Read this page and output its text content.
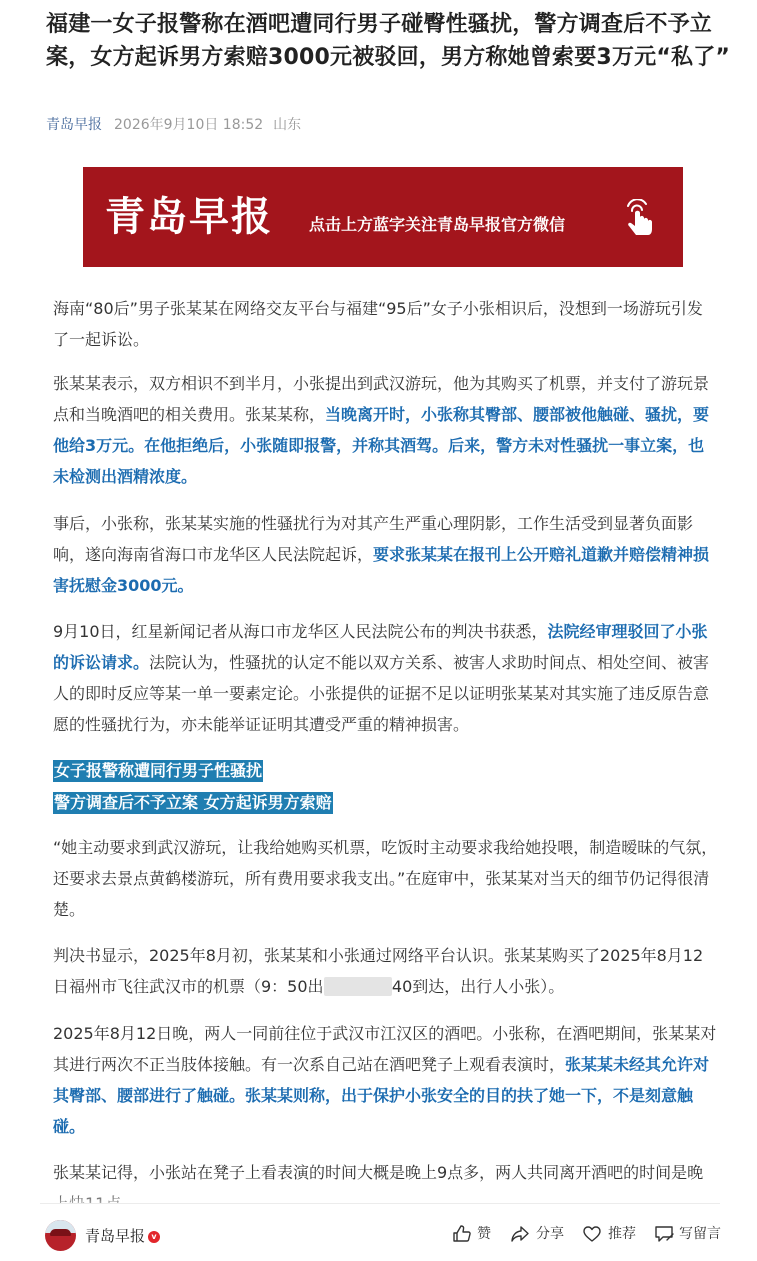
福建一女子报警称在酒吧遭同行男子碰臀性骚扰，警方调查后不予立案，女方起诉男方索赔3000元被驳回，男方称她曾索要3万元“私了”
青岛早报 2026年9月10日 18:52 山东
青岛早报 点击上方蓝字关注青岛早报官方微信

海南“80后”男子张某某在网络交友平台与福建“95后”女子小张相识后，没想到一场游玩引发了一起诉讼。

张某某表示，双方相识不到半月，小张提出到武汉游玩，他为其购买了机票，并支付了游玩景点和当晚酒吧的相关费用。张某某称，当晚离开时，小张称其臀部、腰部被他触碰、骚扰，要他给3万元。在他拒绝后，小张随即报警，并称其酒驾。后来，警方未对性骚扰一事立案，也未检测出酒精浓度。

事后，小张称，张某某实施的性骚扰行为对其产生严重心理阴影，工作生活受到显著负面影响，遂向海南省海口市龙华区人民法院起诉，要求张某某在报刊上公开赔礼道歉并赔偿精神损害抚慰金3000元。

9月10日，红星新闻记者从海口市龙华区人民法院公布的判决书获悉，法院经审理驳回了小张的诉讼请求。法院认为，性骚扰的认定不能以双方关系、被害人求助时间点、相处空间、被害人的即时反应等某一单一要素定论。小张提供的证据不足以证明张某某对其实施了违反原告意愿的性骚扰行为，亦未能举证证明其遭受严重的精神损害。

女子报警称遭同行男子性骚扰
警方调查后不予立案 女方起诉男方索赔

“她主动要求到武汉游玩，让我给她购买机票，吃饭时主动要求我给她投喂，制造暧昧的气氛，还要求去景点黄鹤楼游玩，所有费用要求我支出。”在庭审中，张某某对当天的细节仍记得很清楚。

判决书显示，2025年8月初，张某某和小张通过网络平台认识。张某某购买了2025年8月12日福州市飞往武汉市的机票（9：50出发，11：40到达，出行人小张）。

2025年8月12日晚，两人一同前往位于武汉市江汉区的酒吧。小张称，在酒吧期间，张某某对其进行两次不正当肢体接触。有一次系自己站在酒吧凳子上观看表演时，张某某未经其允许对其臀部、腰部进行了触碰。张某某则称，出于保护小张安全的目的扶了她一下，不是刻意触碰。

张某某记得，小张站在凳子上看表演的时间大概是晚上9点多，两人共同离开酒吧的时间是晚

青岛早报 v	赞	分享	推荐	写留言
